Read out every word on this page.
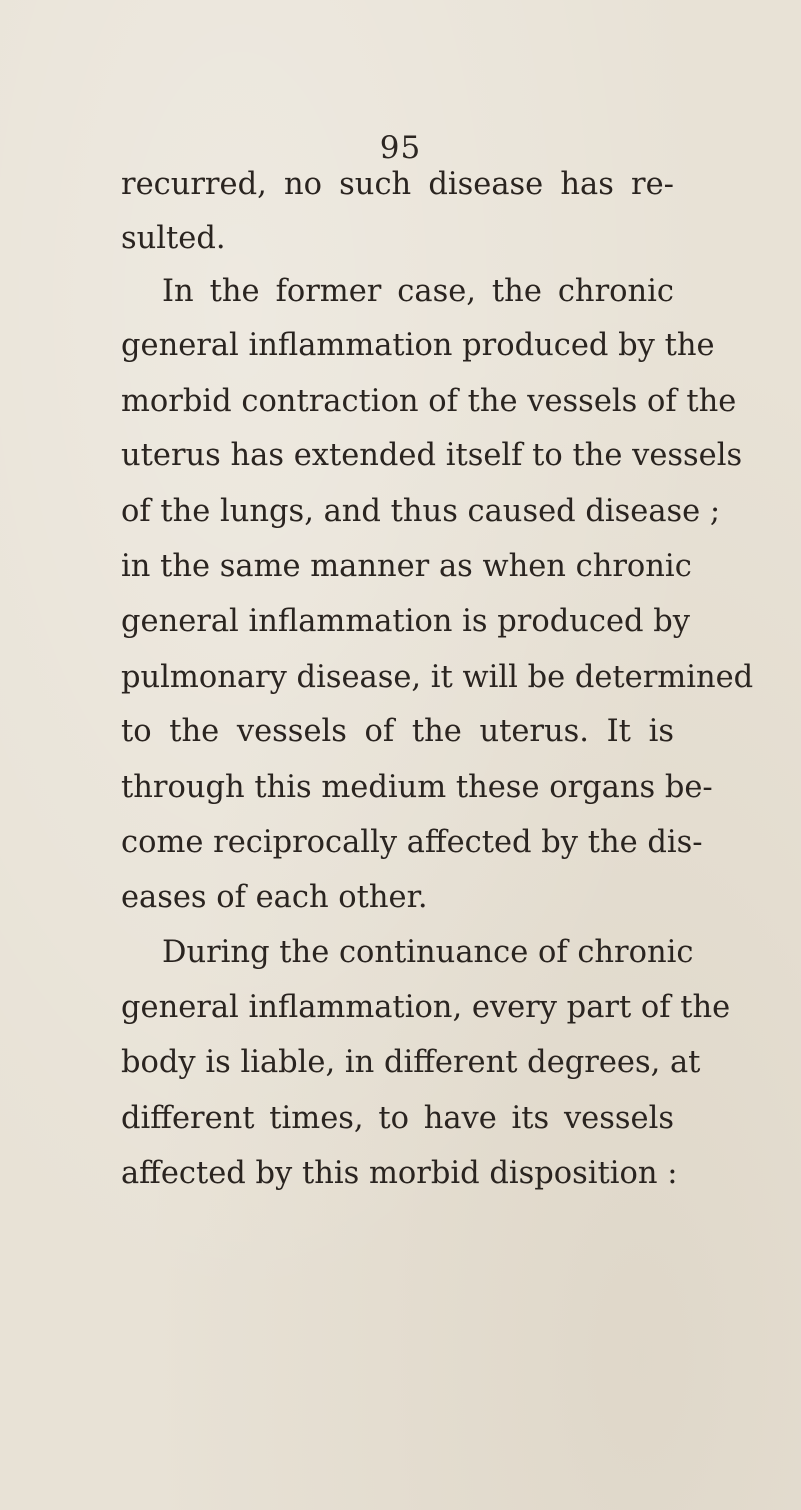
95
recurred, no such disease has re-
sulted.
In the former case, the chronic
general inflammation produced by the
morbid contraction of the vessels of the
uterus has extended itself to the vessels
of the lungs, and thus caused disease ;
in the same manner as when chronic
general inflammation is produced by
pulmonary disease, it will be determined
to the vessels of the uterus. It is
through this medium these organs be-
come reciprocally affected by the dis-
eases of each other.
During the continuance of chronic
general inflammation, every part of the
body is liable, in different degrees, at
different times, to have its vessels
affected by this morbid disposition :
